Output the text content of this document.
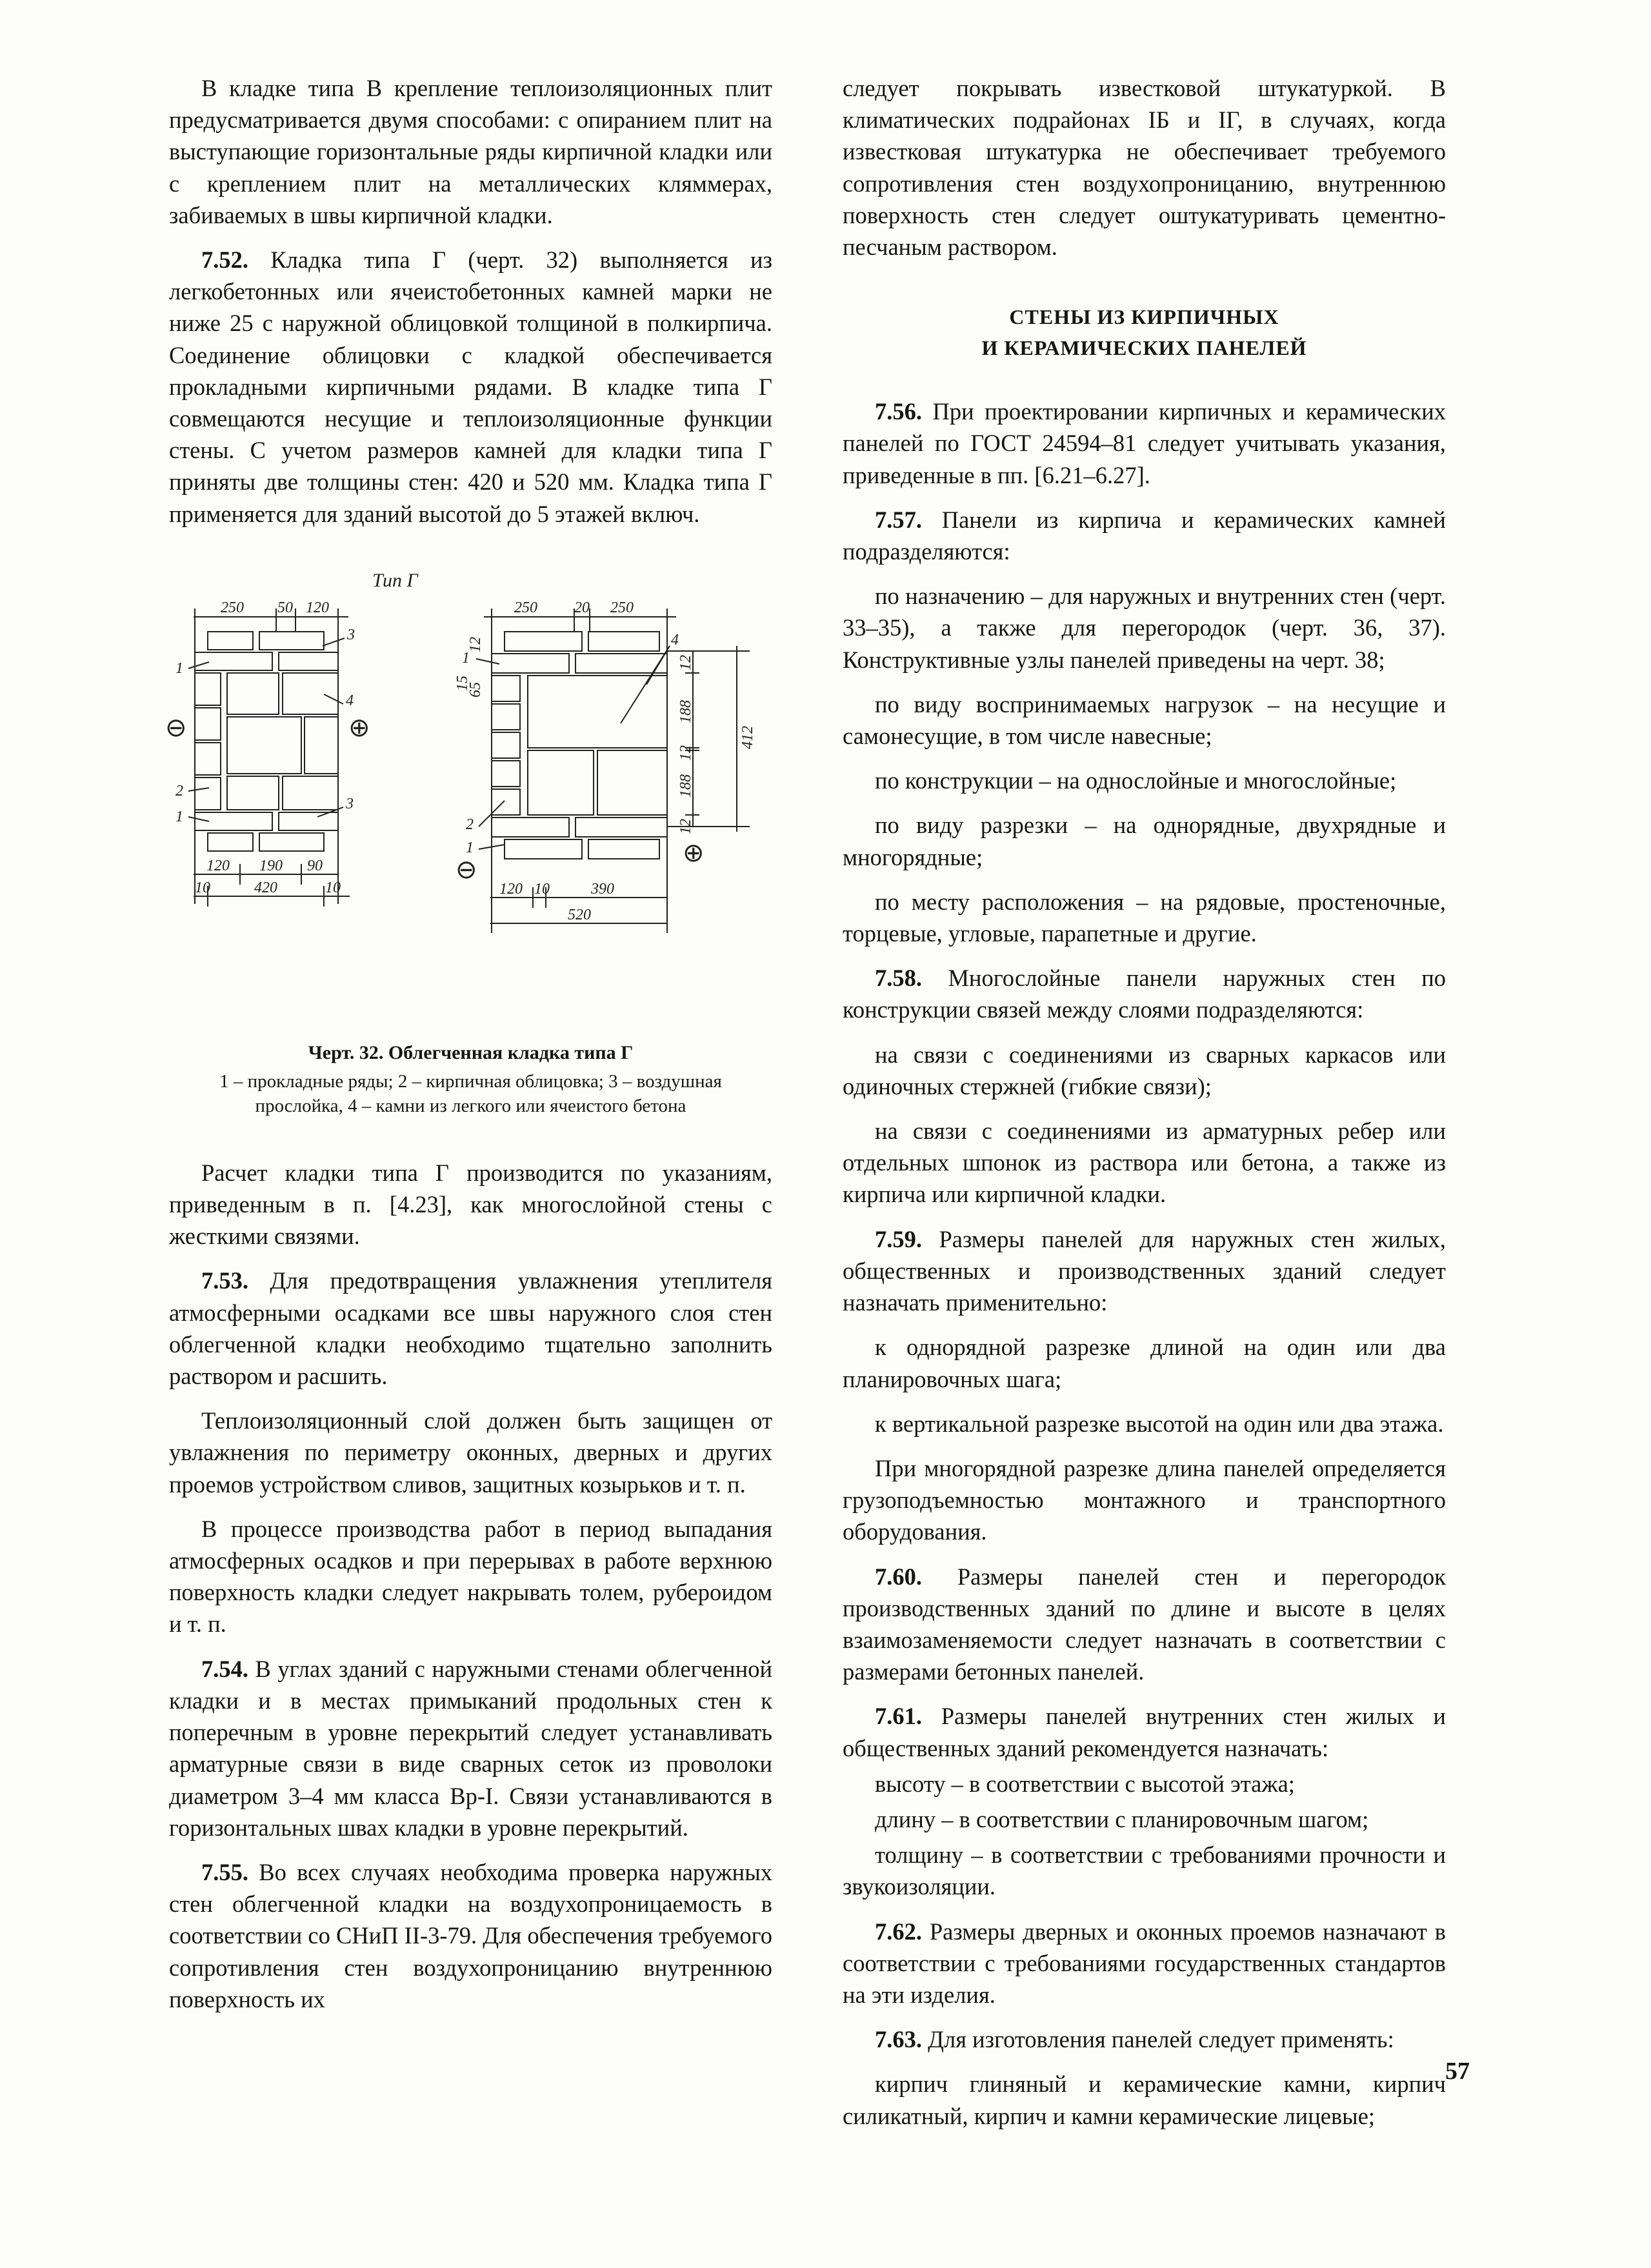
В кладке типа В крепление теплоизоляционных плит предусматривается двумя способами: с опиранием плит на выступающие горизонтальные ряды кирпичной кладки или с креплением плит на металлических кляммерах, забиваемых в швы кирпичной кладки.

7.52. Кладка типа Г (черт. 32) выполняется из легкобетонных или ячеистобетонных камней марки не ниже 25 с наружной облицовкой толщиной в полкирпича. Соединение облицовки с кладкой обеспечивается прокладными кирпичными рядами. В кладке типа Г совмещаются несущие и теплоизоляционные функции стены. С учетом размеров камней для кладки типа Г приняты две толщины стен: 420 и 520 мм. Кладка типа Г применяется для зданий высотой до 5 этажей включ.

Тип Г
250 50 120
1
2
1
3
4
3
⊖	⊕
120 190 90
10	420	10
250 20 250
15
65
12
12
188
12
188
12
412
1
4
2
1
⊖
⊕
120 10	390
520
Черт. 32. Облегченная кладка типа Г
1 – прокладные ряды; 2 – кирпичная облицовка; 3 – воздушная прослойка, 4 – камни из легкого или ячеистого бетона

Расчет кладки типа Г производится по указаниям, приведенным в п. [4.23], как многослойной стены с жесткими связями.

7.53. Для предотвращения увлажнения утеплителя атмосферными осадками все швы наружного слоя стен облегченной кладки необходимо тщательно заполнить раствором и расшить.

Теплоизоляционный слой должен быть защищен от увлажнения по периметру оконных, дверных и других проемов устройством сливов, защитных козырьков и т. п.

В процессе производства работ в период выпадания атмосферных осадков и при перерывах в работе верхнюю поверхность кладки следует накрывать толем, рубероидом и т. п.

7.54. В углах зданий с наружными стенами облегченной кладки и в местах примыканий продольных стен к поперечным в уровне перекрытий следует устанавливать арматурные связи в виде сварных сеток из проволоки диаметром 3–4 мм класса Вр-I. Связи устанавливаются в горизонтальных швах кладки в уровне перекрытий.

7.55. Во всех случаях необходима проверка наружных стен облегченной кладки на воздухопроницаемость в соответствии со СНиП II-3-79. Для обеспечения требуемого сопротивления стен воздухопроницанию внутреннюю поверхность их

следует покрывать известковой штукатуркой. В климатических подрайонах IБ и IГ, в случаях, когда известковая штукатурка не обеспечивает требуемого сопротивления стен воздухопроницанию, внутреннюю поверхность стен следует оштукатуривать цементно-песчаным раствором.

СТЕНЫ ИЗ КИРПИЧНЫХ
И КЕРАМИЧЕСКИХ ПАНЕЛЕЙ

7.56. При проектировании кирпичных и керамических панелей по ГОСТ 24594–81 следует учитывать указания, приведенные в пп. [6.21–6.27].

7.57. Панели из кирпича и керамических камней подразделяются:

по назначению – для наружных и внутренних стен (черт. 33–35), а также для перегородок (черт. 36, 37). Конструктивные узлы панелей приведены на черт. 38;

по виду воспринимаемых нагрузок – на несущие и самонесущие, в том числе навесные;

по конструкции – на однослойные и многослойные;

по виду разрезки – на однорядные, двухрядные и многорядные;

по месту расположения – на рядовые, простеночные, торцевые, угловые, парапетные и другие.

7.58. Многослойные панели наружных стен по конструкции связей между слоями подразделяются:

на связи с соединениями из сварных каркасов или одиночных стержней (гибкие связи);

на связи с соединениями из арматурных ребер или отдельных шпонок из раствора или бетона, а также из кирпича или кирпичной кладки.

7.59. Размеры панелей для наружных стен жилых, общественных и производственных зданий следует назначать применительно:

к однорядной разрезке длиной на один или два планировочных шага;

к вертикальной разрезке высотой на один или два этажа.

При многорядной разрезке длина панелей определяется грузоподъемностью монтажного и транспортного оборудования.

7.60. Размеры панелей стен и перегородок производственных зданий по длине и высоте в целях взаимозаменяемости следует назначать в соответствии с размерами бетонных панелей.

7.61. Размеры панелей внутренних стен жилых и общественных зданий рекомендуется назначать:

высоту – в соответствии с высотой этажа;

длину – в соответствии с планировочным шагом;

толщину – в соответствии с требованиями прочности и звукоизоляции.

7.62. Размеры дверных и оконных проемов назначают в соответствии с требованиями государственных стандартов на эти изделия.

7.63. Для изготовления панелей следует применять:

кирпич глиняный и керамические камни, кирпич силикатный, кирпич и камни керамические лицевые;

57
